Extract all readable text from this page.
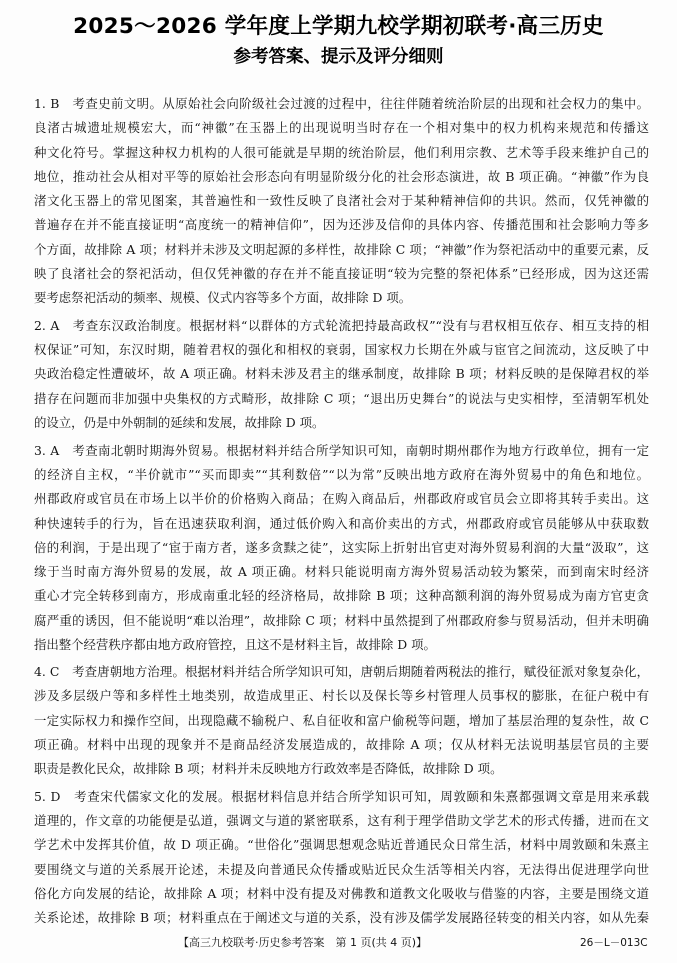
2025～2026 学年度上学期九校学期初联考·高三历史
参考答案、提示及评分细则
1. B　考查史前文明。从原始社会向阶级社会过渡的过程中，往往伴随着统治阶层的出现和社会权力的集中。
良渚古城遗址规模宏大，而“神徽”在玉器上的出现说明当时存在一个相对集中的权力机构来规范和传播这
种文化符号。掌握这种权力机构的人很可能就是早期的统治阶层，他们利用宗教、艺术等手段来维护自己的
地位，推动社会从相对平等的原始社会形态向有明显阶级分化的社会形态演进，故 B 项正确。“神徽”作为良
渚文化玉器上的常见图案，其普遍性和一致性反映了良渚社会对于某种精神信仰的共识。然而，仅凭神徽的
普遍存在并不能直接证明“高度统一的精神信仰”，因为还涉及信仰的具体内容、传播范围和社会影响力等多
个方面，故排除 A 项；材料并未涉及文明起源的多样性，故排除 C 项；“神徽”作为祭祀活动中的重要元素，反
映了良渚社会的祭祀活动，但仅凭神徽的存在并不能直接证明“较为完整的祭祀体系”已经形成，因为这还需
要考虑祭祀活动的频率、规模、仪式内容等多个方面，故排除 D 项。
2. A　考查东汉政治制度。根据材料“以群体的方式轮流把持最高政权”“没有与君权相互依存、相互支持的相
权保证”可知，东汉时期，随着君权的强化和相权的衰弱，国家权力长期在外戚与宦官之间流动，这反映了中
央政治稳定性遭破坏，故 A 项正确。材料未涉及君主的继承制度，故排除 B 项；材料反映的是保障君权的举
措存在问题而非加强中央集权的方式畸形，故排除 C 项；“退出历史舞台”的说法与史实相悖，至清朝军机处
的设立，仍是中外朝制的延续和发展，故排除 D 项。
3. A　考查南北朝时期海外贸易。根据材料并结合所学知识可知，南朝时期州郡作为地方行政单位，拥有一定
的经济自主权，“半价就市”“买而即卖”“其利数倍”“以为常”反映出地方政府在海外贸易中的角色和地位。
州郡政府或官员在市场上以半价的价格购入商品；在购入商品后，州郡政府或官员会立即将其转手卖出。这
种快速转手的行为，旨在迅速获取利润，通过低价购入和高价卖出的方式，州郡政府或官员能够从中获取数
倍的利润，于是出现了“宦于南方者，遂多贪黩之徒”，这实际上折射出官吏对海外贸易利润的大量“汲取”，这
缘于当时南方海外贸易的发展，故 A 项正确。材料只能说明南方海外贸易活动较为繁荣，而到南宋时经济
重心才完全转移到南方，形成南重北轻的经济格局，故排除 B 项；这种高额利润的海外贸易成为南方官吏贪
腐严重的诱因，但不能说明“难以治理”，故排除 C 项；材料中虽然提到了州郡政府参与贸易活动，但并未明确
指出整个经营秩序都由地方政府管控，且这不是材料主旨，故排除 D 项。
4. C　考查唐朝地方治理。根据材料并结合所学知识可知，唐朝后期随着两税法的推行，赋役征派对象复杂化，
涉及多层级户等和多样性土地类别，故造成里正、村长以及保长等乡村管理人员事权的膨胀，在征户税中有
一定实际权力和操作空间，出现隐藏不输税户、私自征收和富户偷税等问题，增加了基层治理的复杂性，故 C
项正确。材料中出现的现象并不是商品经济发展造成的，故排除 A 项；仅从材料无法说明基层官员的主要
职责是教化民众，故排除 B 项；材料并未反映地方行政效率是否降低，故排除 D 项。
5. D　考查宋代儒家文化的发展。根据材料信息并结合所学知识可知，周敦颐和朱熹都强调文章是用来承载
道理的，作文章的功能便是弘道，强调文与道的紧密联系，这有利于理学借助文学艺术的形式传播，进而在文
学艺术中发挥其价值，故 D 项正确。“世俗化”强调思想观念贴近普通民众日常生活，材料中周敦颐和朱熹主
要围绕文与道的关系展开论述，未提及向普通民众传播或贴近民众生活等相关内容，无法得出促进理学向世
俗化方向发展的结论，故排除 A 项；材料中没有提及对佛教和道教文化吸收与借鉴的内容，主要是围绕文道
关系论述，故排除 B 项；材料重点在于阐述文与道的关系，没有涉及儒学发展路径转变的相关内容，如从先秦
【高三九校联考·历史参考答案　第 1 页(共 4 页)】	26－L－013C
